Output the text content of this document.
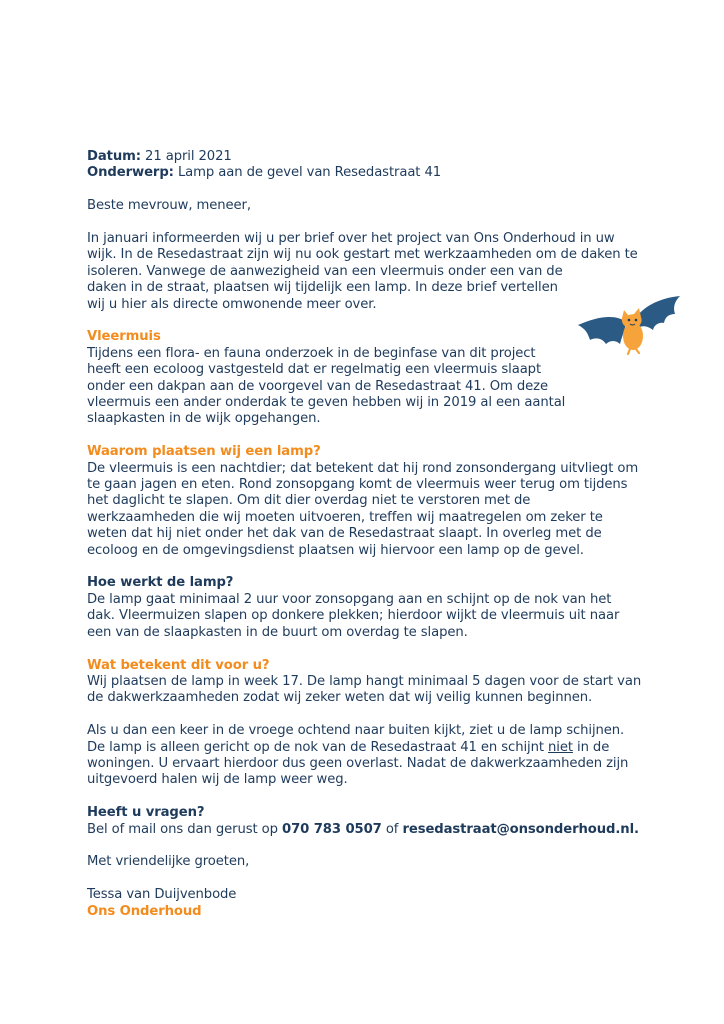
Datum: 21 april 2021

Onderwerp: Lamp aan de gevel van Resedastraat 41

Beste mevrouw, meneer,

In januari informeerden wij u per brief over het project van Ons Onderhoud in uw

wijk. In de Resedastraat zijn wij nu ook gestart met werkzaamheden om de daken te

isoleren. Vanwege de aanwezigheid van een vleermuis onder een van de

daken in de straat, plaatsen wij tijdelijk een lamp. In deze brief vertellen

wij u hier als directe omwonende meer over.

Vleermuis

Tijdens een flora- en fauna onderzoek in de beginfase van dit project

heeft een ecoloog vastgesteld dat er regelmatig een vleermuis slaapt

onder een dakpan aan de voorgevel van de Resedastraat 41. Om deze

vleermuis een ander onderdak te geven hebben wij in 2019 al een aantal

slaapkasten in de wijk opgehangen.

Waarom plaatsen wij een lamp?

De vleermuis is een nachtdier; dat betekent dat hij rond zonsondergang uitvliegt om

te gaan jagen en eten. Rond zonsopgang komt de vleermuis weer terug om tijdens

het daglicht te slapen. Om dit dier overdag niet te verstoren met de

werkzaamheden die wij moeten uitvoeren, treffen wij maatregelen om zeker te

weten dat hij niet onder het dak van de Resedastraat slaapt. In overleg met de

ecoloog en de omgevingsdienst plaatsen wij hiervoor een lamp op de gevel.

Hoe werkt de lamp?

De lamp gaat minimaal 2 uur voor zonsopgang aan en schijnt op de nok van het

dak. Vleermuizen slapen op donkere plekken; hierdoor wijkt de vleermuis uit naar

een van de slaapkasten in de buurt om overdag te slapen.

Wat betekent dit voor u?

Wij plaatsen de lamp in week 17. De lamp hangt minimaal 5 dagen voor de start van

de dakwerkzaamheden zodat wij zeker weten dat wij veilig kunnen beginnen.

Als u dan een keer in de vroege ochtend naar buiten kijkt, ziet u de lamp schijnen.

De lamp is alleen gericht op de nok van de Resedastraat 41 en schijnt niet in de

woningen. U ervaart hierdoor dus geen overlast. Nadat de dakwerkzaamheden zijn

uitgevoerd halen wij de lamp weer weg.

Heeft u vragen?

Bel of mail ons dan gerust op 070 783 0507 of resedastraat@onsonderhoud.nl.

Met vriendelijke groeten,

Tessa van Duijvenbode

Ons Onderhoud
